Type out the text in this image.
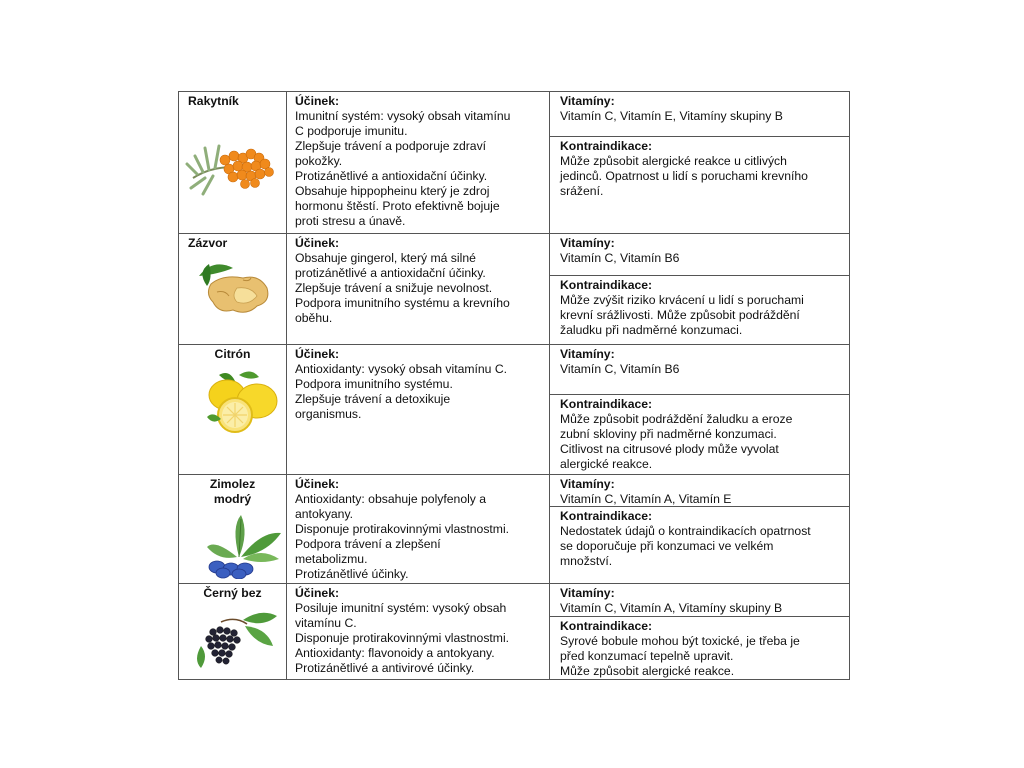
Rakytník	Účinek:
Imunitní systém: vysoký obsah vitamínu
C podporuje imunitu.
Zlepšuje trávení a podporuje zdraví
pokožky.
Protizánětlivé a antioxidační účinky.
Obsahuje hippopheinu který je zdroj
hormonu štěstí. Proto efektivně bojuje
proti stresu a únavě.
Vitamíny:
Vitamín C, Vitamín E, Vitamíny skupiny B
Kontraindikace:
Může způsobit alergické reakce u citlivých
jedinců. Opatrnost u lidí s poruchami krevního
srážení.
Zázvor	Účinek:
Obsahuje gingerol, který má silné
protizánětlivé a antioxidační účinky.
Zlepšuje trávení a snižuje nevolnost.
Podpora imunitního systému a krevního
oběhu.
Vitamíny:
Vitamín C, Vitamín B6
Kontraindikace:
Může zvýšit riziko krvácení u lidí s poruchami
krevní srážlivosti. Může způsobit podráždění
žaludku při nadměrné konzumaci.
Citrón	Účinek:
Antioxidanty: vysoký obsah vitamínu C.
Podpora imunitního systému.
Zlepšuje trávení a detoxikuje
organismus.
Vitamíny:
Vitamín C, Vitamín B6
Kontraindikace:
Může způsobit podráždění žaludku a eroze
zubní skloviny při nadměrné konzumaci.
Citlivost na citrusové plody může vyvolat
alergické reakce.
Zimolez
modrý
Účinek:
Antioxidanty: obsahuje polyfenoly a
antokyany.
Disponuje protirakovinnými vlastnostmi.
Podpora trávení a zlepšení
metabolizmu.
Protizánětlivé účinky.
Vitamíny:
Vitamín C, Vitamín A, Vitamín E
Kontraindikace:
Nedostatek údajů o kontraindikacích opatrnost
se doporučuje při konzumaci ve velkém
množství.
Černý bez	Účinek:
Posiluje imunitní systém: vysoký obsah
vitamínu C.
Disponuje protirakovinnými vlastnostmi.
Antioxidanty: flavonoidy a antokyany.
Protizánětlivé a antivirové účinky.
Vitamíny:
Vitamín C, Vitamín A, Vitamíny skupiny B
Kontraindikace:
Syrové bobule mohou být toxické, je třeba je
před konzumací tepelně upravit.
Může způsobit alergické reakce.
